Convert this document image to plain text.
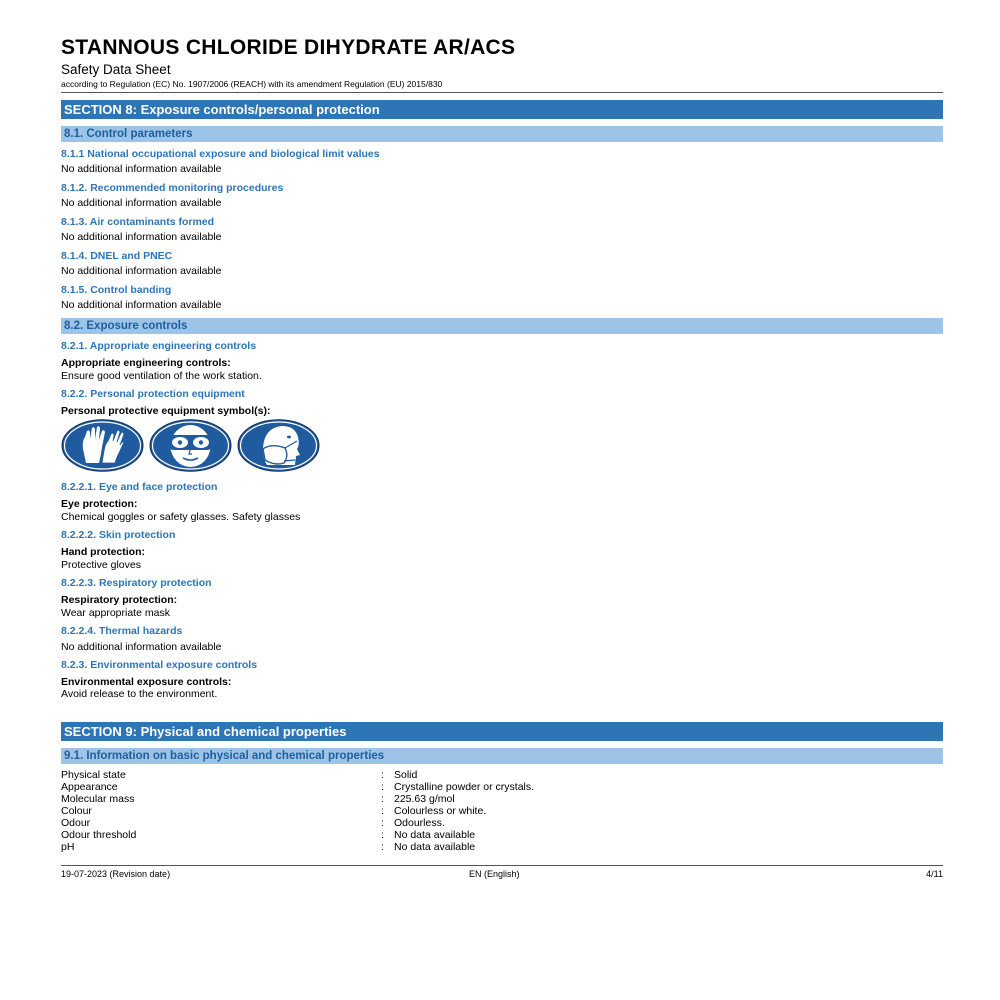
STANNOUS CHLORIDE DIHYDRATE AR/ACS
Safety Data Sheet
according to Regulation (EC) No. 1907/2006 (REACH) with its amendment Regulation (EU) 2015/830
SECTION 8: Exposure controls/personal protection
8.1. Control parameters
8.1.1 National occupational exposure and biological limit values
No additional information available
8.1.2. Recommended monitoring procedures
No additional information available
8.1.3. Air contaminants formed
No additional information available
8.1.4. DNEL and PNEC
No additional information available
8.1.5. Control banding
No additional information available
8.2. Exposure controls
8.2.1. Appropriate engineering controls
Appropriate engineering controls:
Ensure good ventilation of the work station.
8.2.2. Personal protection equipment
Personal protective equipment symbol(s):
8.2.2.1. Eye and face protection
Eye protection:
Chemical goggles or safety glasses. Safety glasses
8.2.2.2. Skin protection
Hand protection:
Protective gloves
8.2.2.3. Respiratory protection
Respiratory protection:
Wear appropriate mask
8.2.2.4. Thermal hazards
No additional information available
8.2.3. Environmental exposure controls
Environmental exposure controls:
Avoid release to the environment.
SECTION 9: Physical and chemical properties
9.1. Information on basic physical and chemical properties
Physical state	: Solid
Appearance	: Crystalline powder or crystals.
Molecular mass	: 225.63 g/mol
Colour	: Colourless or white.
Odour	: Odourless.
Odour threshold	: No data available
pH	: No data available
19-07-2023 (Revision date)	EN (English)	4/11
